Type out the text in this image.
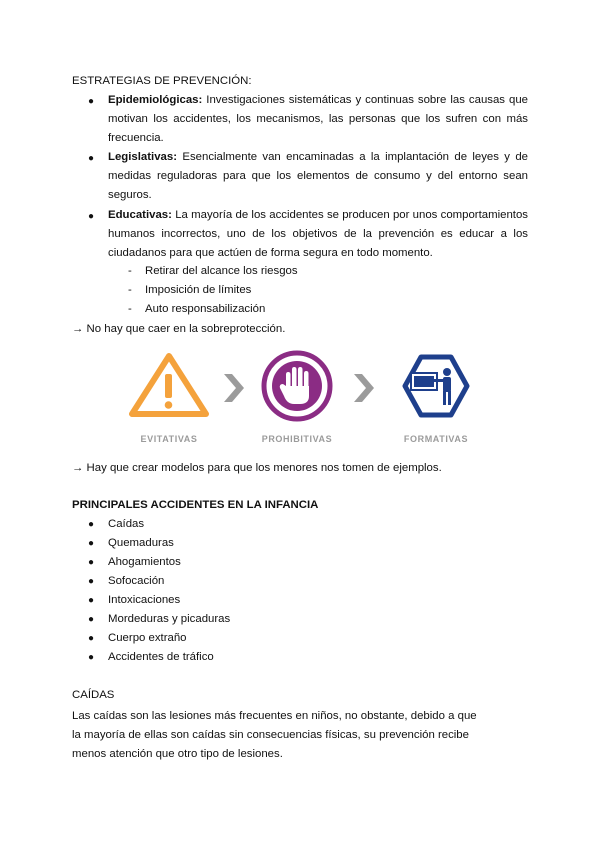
ESTRATEGIAS DE PREVENCIÓN:
● Epidemiológicas: Investigaciones sistemáticas y continuas sobre las causas que motivan los accidentes, los mecanismos, las personas que los sufren con más frecuencia.
● Legislativas: Esencialmente van encaminadas a la implantación de leyes y de medidas reguladoras para que los elementos de consumo y del entorno sean seguros.
● Educativas: La mayoría de los accidentes se producen por unos comportamientos humanos incorrectos, uno de los objetivos de la prevención es educar a los ciudadanos para que actúen de forma segura en todo momento.
- Retirar del alcance los riesgos
- Imposición de límites
- Auto responsabilización
→ No hay que caer en la sobreprotección.
EVITATIVAS	PROHIBITIVAS	FORMATIVAS
→ Hay que crear modelos para que los menores nos tomen de ejemplos.
PRINCIPALES ACCIDENTES EN LA INFANCIA
● Caídas
● Quemaduras
● Ahogamientos
● Sofocación
● Intoxicaciones
● Mordeduras y picaduras
● Cuerpo extraño
● Accidentes de tráfico
CAÍDAS
Las caídas son las lesiones más frecuentes en niños, no obstante, debido a que
la mayoría de ellas son caídas sin consecuencias físicas, su prevención recibe
menos atención que otro tipo de lesiones.
